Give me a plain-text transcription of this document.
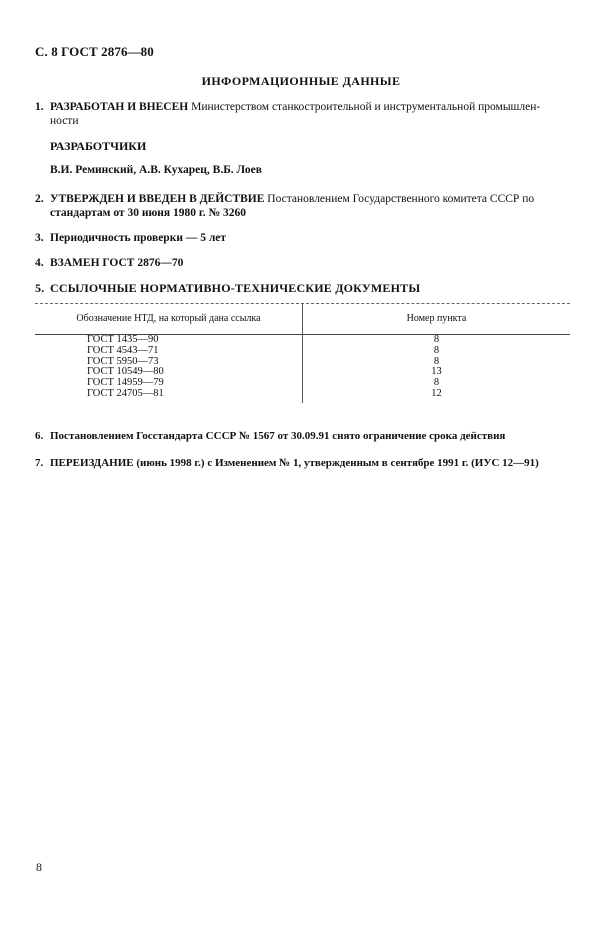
С. 8 ГОСТ 2876—80
ИНФОРМАЦИОННЫЕ ДАННЫЕ
1. РАЗРАБОТАН И ВНЕСЕН Министерством станкостроительной и инструментальной промышлен-
ности
РАЗРАБОТЧИКИ
В.И. Реминский, А.В. Кухарец, В.Б. Лоев
2. УТВЕРЖДЕН И ВВЕДЕН В ДЕЙСТВИЕ Постановлением Государственного комитета СССР по
стандартам от 30 июня 1980 г. № 3260
3. Периодичность проверки — 5 лет
4. ВЗАМЕН ГОСТ 2876—70
5. ССЫЛОЧНЫЕ НОРМАТИВНО-ТЕХНИЧЕСКИЕ ДОКУМЕНТЫ
Обозначение НТД, на который дана ссылка	Номер пункта
ГОСТ 1435—90
ГОСТ 4543—71
ГОСТ 5950—73
ГОСТ 10549—80
ГОСТ 14959—79
ГОСТ 24705—81
8
8
8
13
8
12
6. Постановлением Госстандарта СССР № 1567 от 30.09.91 снято ограничение срока действия
7. ПЕРЕИЗДАНИЕ (июнь 1998 г.) с Изменением № 1, утвержденным в сентябре 1991 г. (ИУС 12—91)
8
